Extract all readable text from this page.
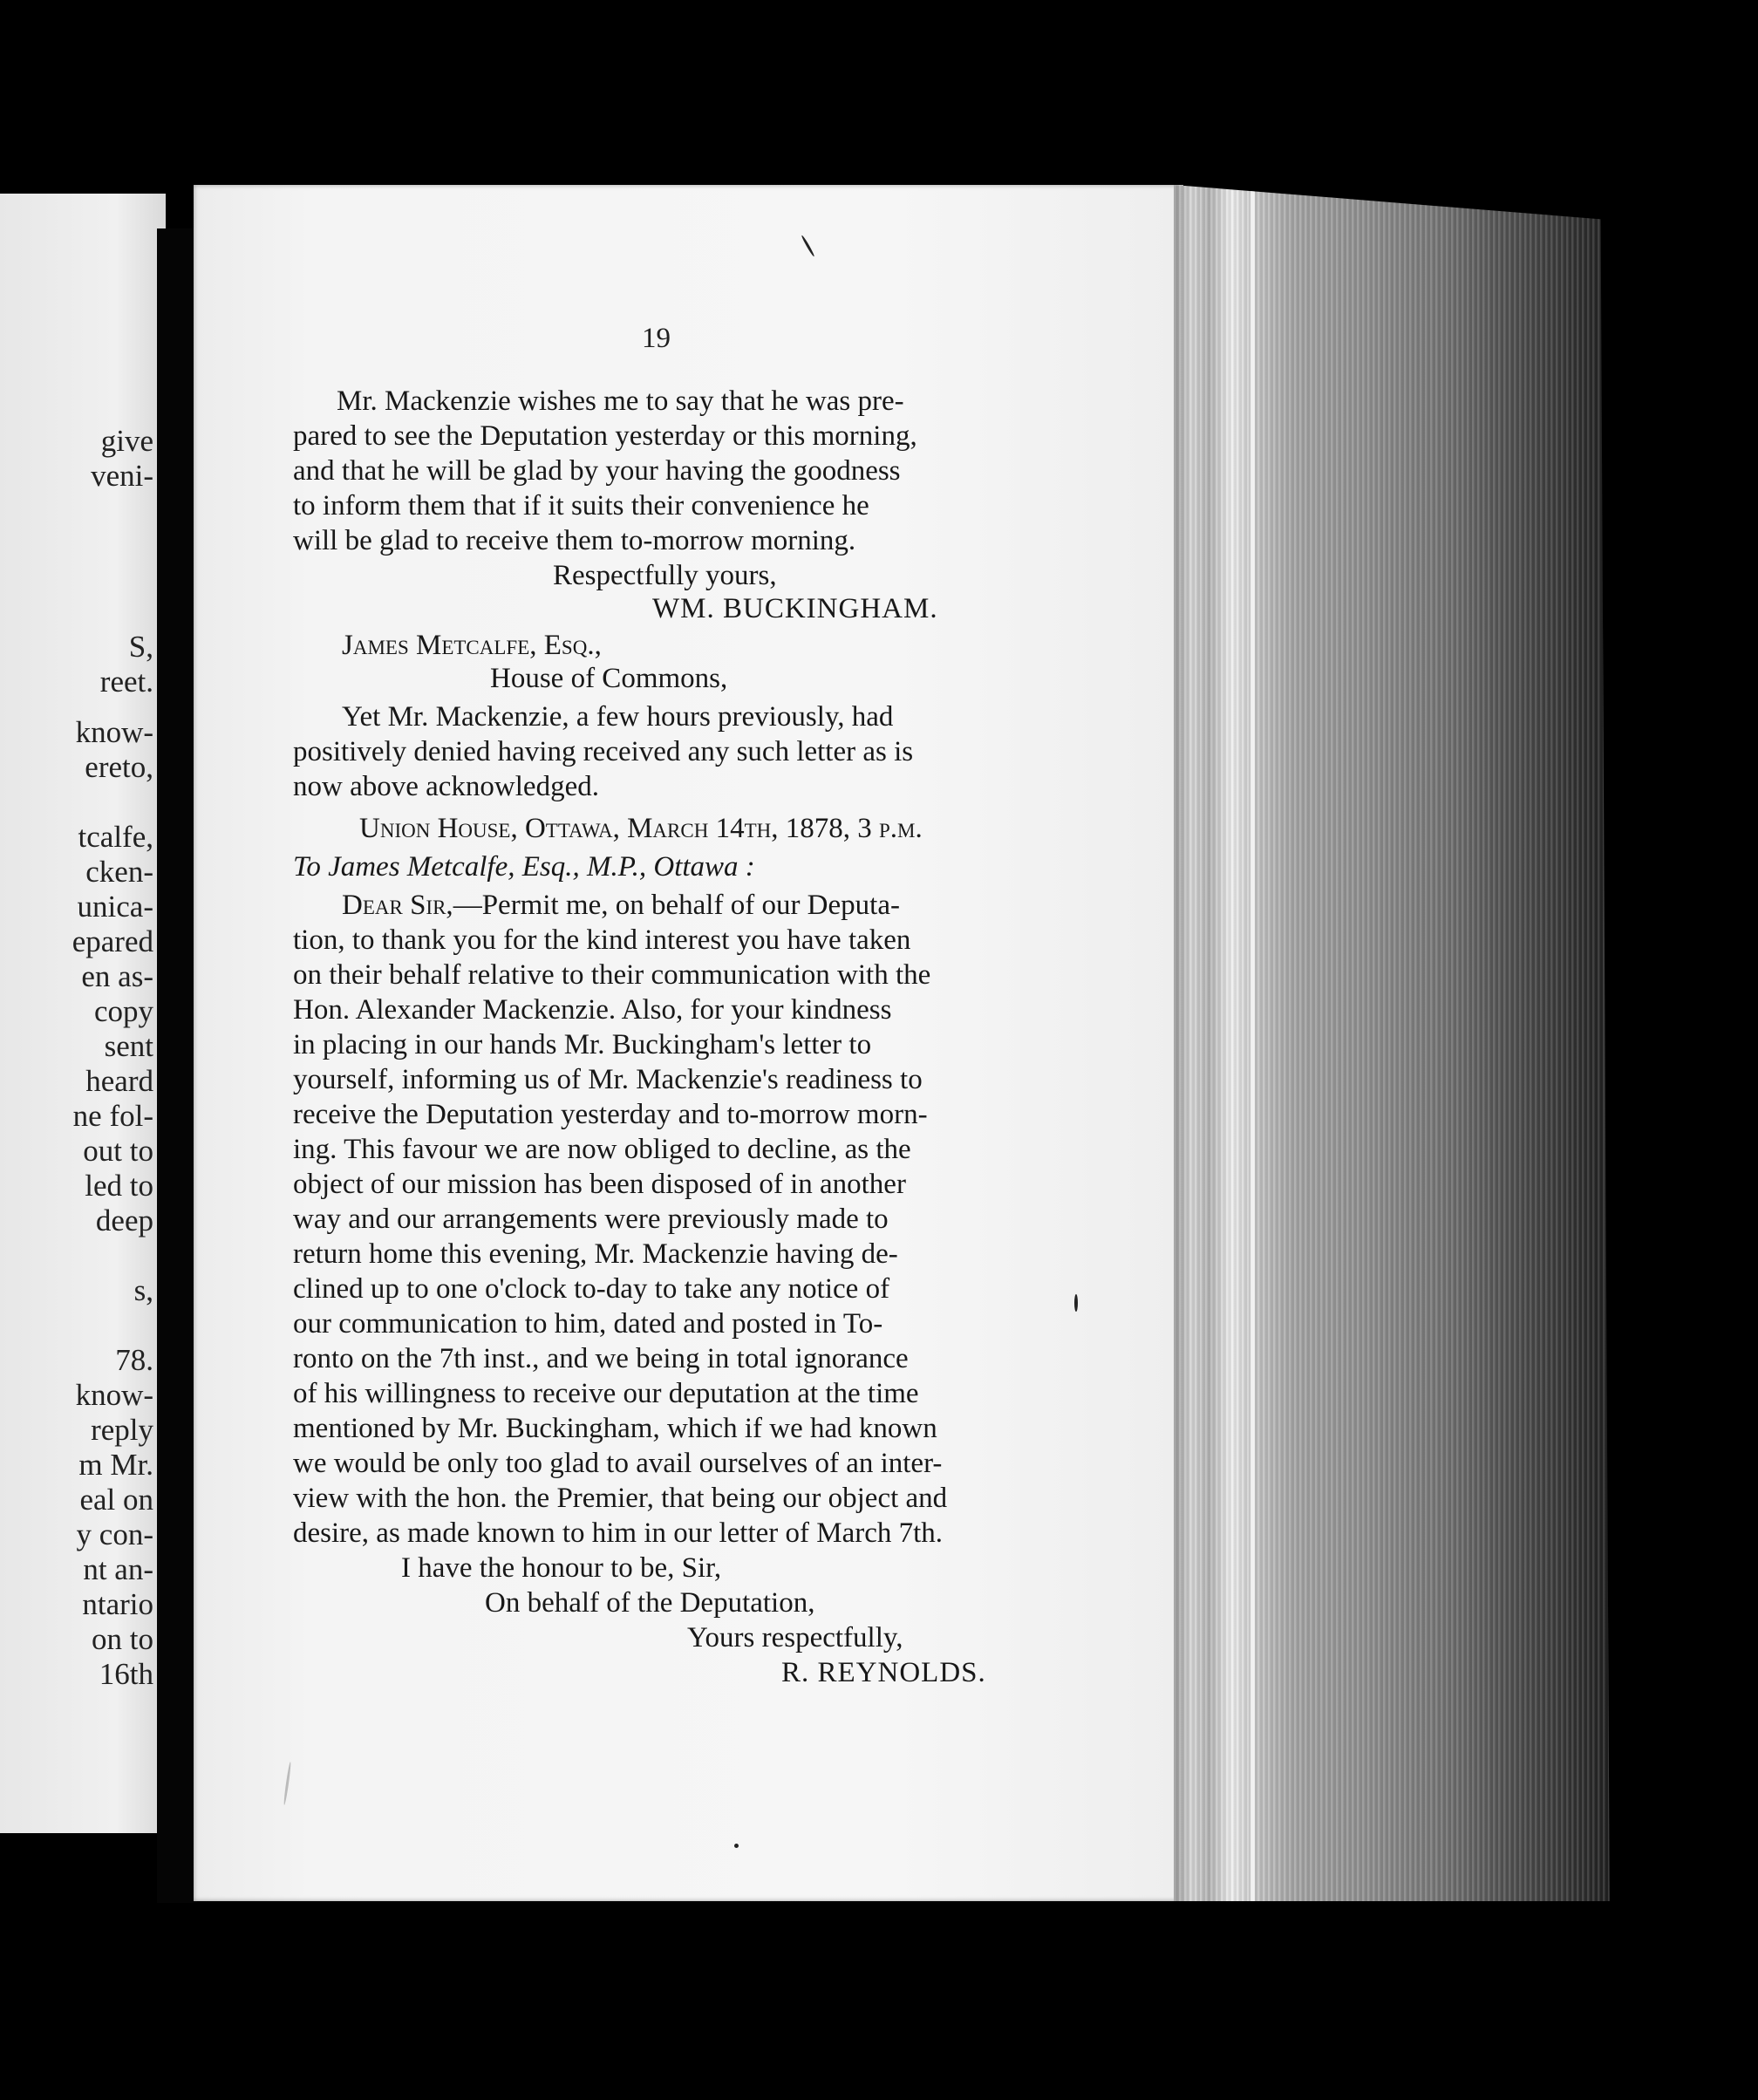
give
veni-
S,
reet.
know-
ereto,
tcalfe,
cken-
unica-
epared
en as-
copy
sent
heard
ne fol-
out to
led to
deep
s,
78.
know-
reply
m Mr.
eal on
y con-
nt an-
ntario
on to
16th
19
Mr. Mackenzie wishes me to say that he was pre-
pared to see the Deputation yesterday or this morning,
and that he will be glad by your having the goodness
to inform them that if it suits their convenience he
will be glad to receive them to-morrow morning.
Respectfully yours,
WM. BUCKINGHAM.
James Metcalfe, Esq.,
House of Commons,
Yet Mr. Mackenzie, a few hours previously, had
positively denied having received any such letter as is
now above acknowledged.
Union House, Ottawa, March 14th, 1878, 3 p.m.
To James Metcalfe, Esq., M.P., Ottawa :
Dear Sir,—Permit me, on behalf of our Deputa-
tion, to thank you for the kind interest you have taken
on their behalf relative to their communication with the
Hon. Alexander Mackenzie. Also, for your kindness
in placing in our hands Mr. Buckingham's letter to
yourself, informing us of Mr. Mackenzie's readiness to
receive the Deputation yesterday and to-morrow morn-
ing. This favour we are now obliged to decline, as the
object of our mission has been disposed of in another
way and our arrangements were previously made to
return home this evening, Mr. Mackenzie having de-
clined up to one o'clock to-day to take any notice of
our communication to him, dated and posted in To-
ronto on the 7th inst., and we being in total ignorance
of his willingness to receive our deputation at the time
mentioned by Mr. Buckingham, which if we had known
we would be only too glad to avail ourselves of an inter-
view with the hon. the Premier, that being our object and
desire, as made known to him in our letter of March 7th.
I have the honour to be, Sir,
On behalf of the Deputation,
Yours respectfully,
R. REYNOLDS.
